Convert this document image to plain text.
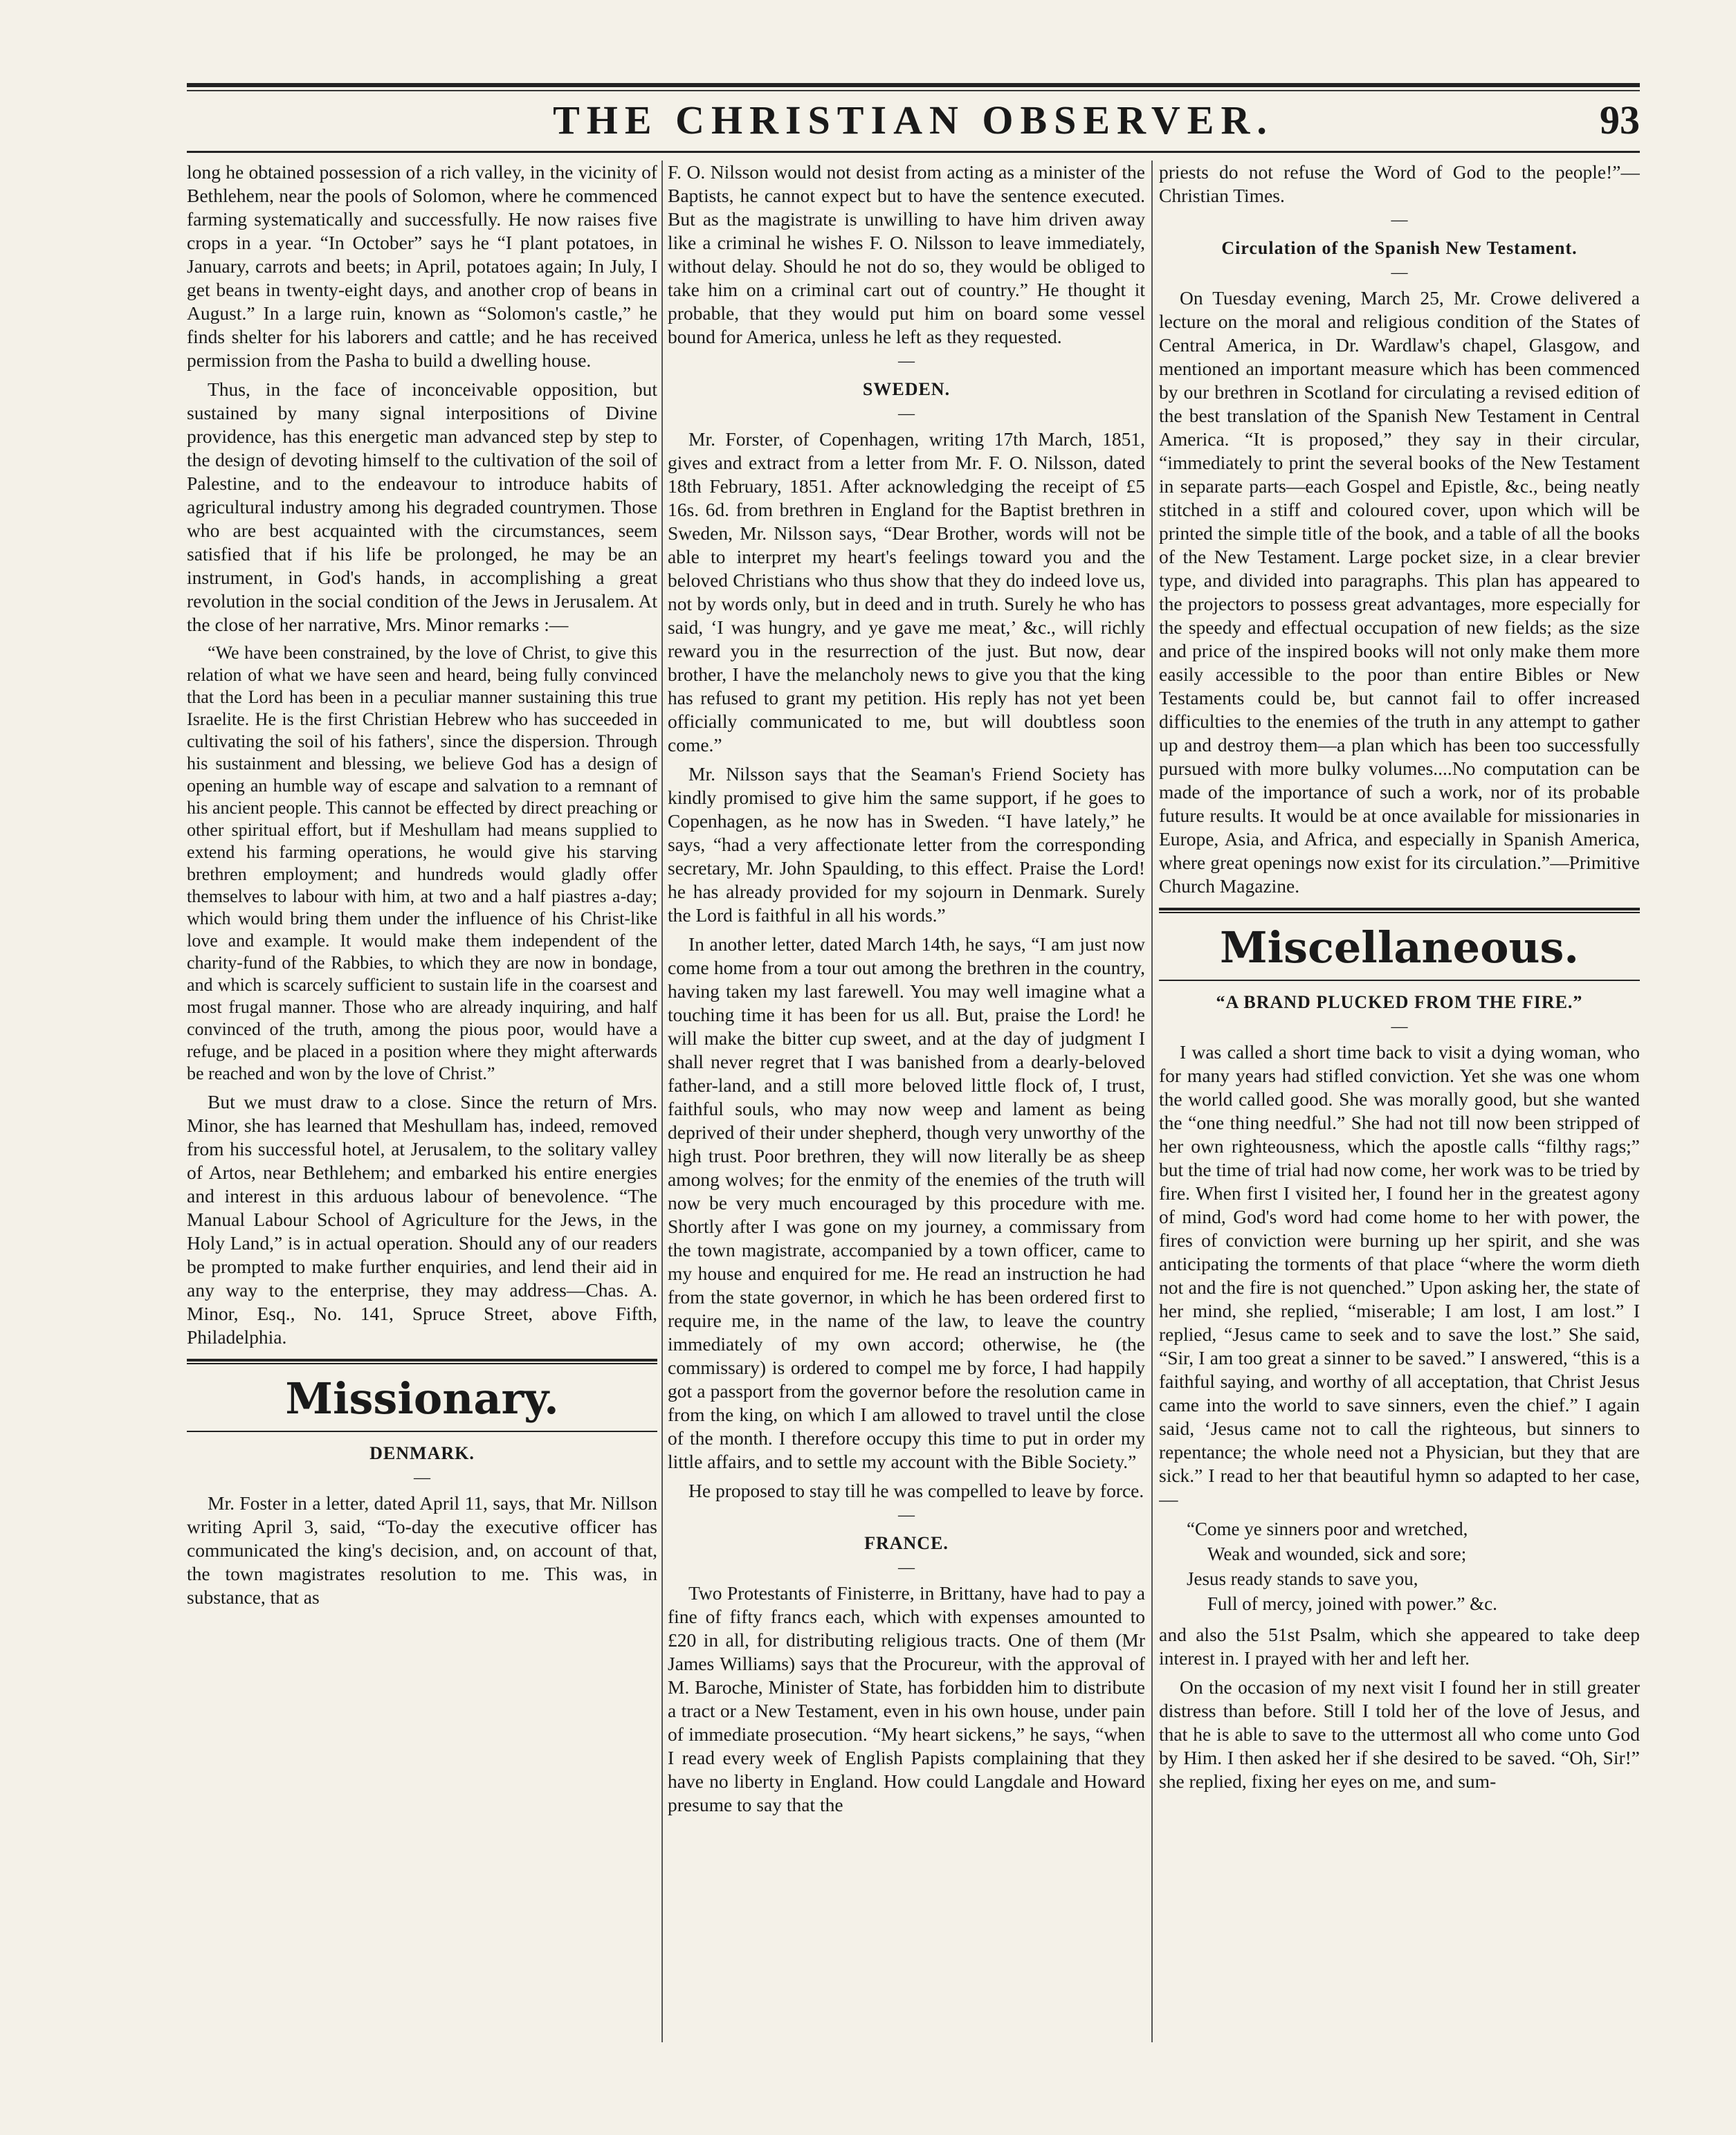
THE CHRISTIAN OBSERVER.	93

long he obtained possession of a rich valley, in the vicinity of Bethlehem, near the pools of Solomon, where he commenced farming systematically and successfully. He now raises five crops in a year. “In October” says he “I plant potatoes, in January, carrots and beets; in April, potatoes again; In July, I get beans in twenty-eight days, and another crop of beans in August.” In a large ruin, known as “Solomon's castle,” he finds shelter for his laborers and cattle; and he has received permission from the Pasha to build a dwelling house.

Thus, in the face of inconceivable opposition, but sustained by many signal interpositions of Divine providence, has this energetic man advanced step by step to the design of devoting himself to the cultivation of the soil of Palestine, and to the endeavour to introduce habits of agricultural industry among his degraded countrymen. Those who are best acquainted with the circumstances, seem satisfied that if his life be prolonged, he may be an instrument, in God's hands, in accomplishing a great revolution in the social condition of the Jews in Jerusalem. At the close of her narrative, Mrs. Minor remarks :—

“We have been constrained, by the love of Christ, to give this relation of what we have seen and heard, being fully convinced that the Lord has been in a peculiar manner sustaining this true Israelite. He is the first Christian Hebrew who has succeeded in cultivating the soil of his fathers', since the dispersion. Through his sustainment and blessing, we believe God has a design of opening an humble way of escape and salvation to a remnant of his ancient people. This cannot be effected by direct preaching or other spiritual effort, but if Meshullam had means supplied to extend his farming operations, he would give his starving brethren employment; and hundreds would gladly offer themselves to labour with him, at two and a half piastres a-day; which would bring them under the influence of his Christ-like love and example. It would make them independent of the charity-fund of the Rabbies, to which they are now in bondage, and which is scarcely sufficient to sustain life in the coarsest and most frugal manner. Those who are already inquiring, and half convinced of the truth, among the pious poor, would have a refuge, and be placed in a position where they might afterwards be reached and won by the love of Christ.”

But we must draw to a close. Since the return of Mrs. Minor, she has learned that Meshullam has, indeed, removed from his successful hotel, at Jerusalem, to the solitary valley of Artos, near Bethlehem; and embarked his entire energies and interest in this arduous labour of benevolence. “The Manual Labour School of Agriculture for the Jews, in the Holy Land,” is in actual operation. Should any of our readers be prompted to make further enquiries, and lend their aid in any way to the enterprise, they may address—Chas. A. Minor, Esq., No. 141, Spruce Street, above Fifth, Philadelphia.

Missionary.
DENMARK.
—

Mr. Foster in a letter, dated April 11, says, that Mr. Nillson writing April 3, said, “To-day the executive officer has communicated the king's decision, and, on account of that, the town magistrates resolution to me. This was, in substance, that as

F. O. Nilsson would not desist from acting as a minister of the Baptists, he cannot expect but to have the sentence executed. But as the magistrate is unwilling to have him driven away like a criminal he wishes F. O. Nilsson to leave immediately, without delay. Should he not do so, they would be obliged to take him on a criminal cart out of country.” He thought it probable, that they would put him on board some vessel bound for America, unless he left as they requested.

—
SWEDEN.
—

Mr. Forster, of Copenhagen, writing 17th March, 1851, gives and extract from a letter from Mr. F. O. Nilsson, dated 18th February, 1851. After acknowledging the receipt of £5 16s. 6d. from brethren in England for the Baptist brethren in Sweden, Mr. Nilsson says, “Dear Brother, words will not be able to interpret my heart's feelings toward you and the beloved Christians who thus show that they do indeed love us, not by words only, but in deed and in truth. Surely he who has said, ‘I was hungry, and ye gave me meat,’ &c., will richly reward you in the resurrection of the just. But now, dear brother, I have the melancholy news to give you that the king has refused to grant my petition. His reply has not yet been officially communicated to me, but will doubtless soon come.”

Mr. Nilsson says that the Seaman's Friend Society has kindly promised to give him the same support, if he goes to Copenhagen, as he now has in Sweden. “I have lately,” he says, “had a very affectionate letter from the corresponding secretary, Mr. John Spaulding, to this effect. Praise the Lord! he has already provided for my sojourn in Denmark. Surely the Lord is faithful in all his words.”

In another letter, dated March 14th, he says, “I am just now come home from a tour out among the brethren in the country, having taken my last farewell. You may well imagine what a touching time it has been for us all. But, praise the Lord! he will make the bitter cup sweet, and at the day of judgment I shall never regret that I was banished from a dearly-beloved father-land, and a still more beloved little flock of, I trust, faithful souls, who may now weep and lament as being deprived of their under shepherd, though very unworthy of the high trust. Poor brethren, they will now literally be as sheep among wolves; for the enmity of the enemies of the truth will now be very much encouraged by this procedure with me. Shortly after I was gone on my journey, a commissary from the town magistrate, accompanied by a town officer, came to my house and enquired for me. He read an instruction he had from the state governor, in which he has been ordered first to require me, in the name of the law, to leave the country immediately of my own accord; otherwise, he (the commissary) is ordered to compel me by force, I had happily got a passport from the governor before the resolution came in from the king, on which I am allowed to travel until the close of the month. I therefore occupy this time to put in order my little affairs, and to settle my account with the Bible Society.”

He proposed to stay till he was compelled to leave by force.

—
FRANCE.
—

Two Protestants of Finisterre, in Brittany, have had to pay a fine of fifty francs each, which with expenses amounted to £20 in all, for distributing religious tracts. One of them (Mr James Williams) says that the Procureur, with the approval of M. Baroche, Minister of State, has forbidden him to distribute a tract or a New Testament, even in his own house, under pain of immediate prosecution. “My heart sickens,” he says, “when I read every week of English Papists complaining that they have no liberty in England. How could Langdale and Howard presume to say that the

priests do not refuse the Word of God to the people!”—Christian Times.

—
Circulation of the Spanish New Testament.
—

On Tuesday evening, March 25, Mr. Crowe delivered a lecture on the moral and religious condition of the States of Central America, in Dr. Wardlaw's chapel, Glasgow, and mentioned an important measure which has been commenced by our brethren in Scotland for circulating a revised edition of the best translation of the Spanish New Testament in Central America. “It is proposed,” they say in their circular, “immediately to print the several books of the New Testament in separate parts—each Gospel and Epistle, &c., being neatly stitched in a stiff and coloured cover, upon which will be printed the simple title of the book, and a table of all the books of the New Testament. Large pocket size, in a clear brevier type, and divided into paragraphs. This plan has appeared to the projectors to possess great advantages, more especially for the speedy and effectual occupation of new fields; as the size and price of the inspired books will not only make them more easily accessible to the poor than entire Bibles or New Testaments could be, but cannot fail to offer increased difficulties to the enemies of the truth in any attempt to gather up and destroy them—a plan which has been too successfully pursued with more bulky volumes....No computation can be made of the importance of such a work, nor of its probable future results. It would be at once available for missionaries in Europe, Asia, and Africa, and especially in Spanish America, where great openings now exist for its circulation.”—Primitive Church Magazine.

Miscellaneous.
“A BRAND PLUCKED FROM THE FIRE.”
—

I was called a short time back to visit a dying woman, who for many years had stifled conviction. Yet she was one whom the world called good. She was morally good, but she wanted the “one thing needful.” She had not till now been stripped of her own righteousness, which the apostle calls “filthy rags;” but the time of trial had now come, her work was to be tried by fire. When first I visited her, I found her in the greatest agony of mind, God's word had come home to her with power, the fires of conviction were burning up her spirit, and she was anticipating the torments of that place “where the worm dieth not and the fire is not quenched.” Upon asking her, the state of her mind, she replied, “miserable; I am lost, I am lost.” I replied, “Jesus came to seek and to save the lost.” She said, “Sir, I am too great a sinner to be saved.” I answered, “this is a faithful saying, and worthy of all acceptation, that Christ Jesus came into the world to save sinners, even the chief.” I again said, ‘Jesus came not to call the righteous, but sinners to repentance; the whole need not a Physician, but they that are sick.” I read to her that beautiful hymn so adapted to her case,—

“Come ye sinners poor and wretched,
Weak and wounded, sick and sore;
Jesus ready stands to save you,
Full of mercy, joined with power.” &c.

and also the 51st Psalm, which she appeared to take deep interest in. I prayed with her and left her.

On the occasion of my next visit I found her in still greater distress than before. Still I told her of the love of Jesus, and that he is able to save to the uttermost all who come unto God by Him. I then asked her if she desired to be saved. “Oh, Sir!” she replied, fixing her eyes on me, and sum-
